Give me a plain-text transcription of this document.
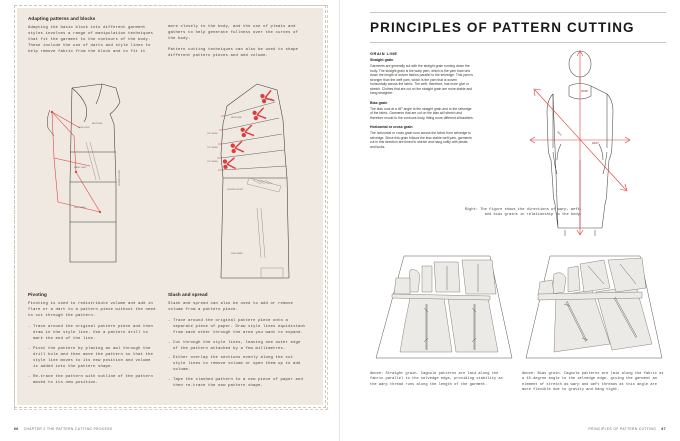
Adapting patterns and blocks

Adapting the basic block into different garment styles involves a range of manipulation techniques that fit the garment to the contours of the body. These include the use of darts and style lines to help remove fabric from the block and to fit it

more closely to the body, and the use of pleats and gathers to help generate fullness over the curves of the body.

Pattern cutting techniques can also be used to shape different pattern pieces and add volume.

SHOULDER
NECKLINE
WAIST DART
SIDE SEAM
CENTRE FRONT
STYLE LINE
NECKLINE
CUT HERE
CUT HERE
CUT HERE
CENTRE FRONT
SIDE SEAM
Pivoting

Pivoting is used to redistribute volume and add in flare or a dart to a pattern piece without the need to cut through the pattern.

– Trace around the original pattern piece and then draw in the style line. Use a pattern drill to mark the end of the line.
– Pivot the pattern by placing an awl through the drill hole and then move the pattern so that the style line moves to its new position and volume is added into the pattern shape.
– Re-trace the pattern with outline of the pattern moved to its new position.
Slash and spread

Slash and spread can also be used to add or remove volume from a pattern piece.

– Trace around the original pattern piece onto a separate piece of paper. Draw style lines equidistant from each other through the area you want to expand.
– Cut through the style lines, leaving one outer edge of the pattern attached by a few millimetres.
– Either overlap the sections evenly along the cut style lines to remove volume or open them up to add volume.
– Tape the slashed pattern to a new piece of paper and then re-trace the new pattern shape.
66 CHAPTER 2 THE PATTERN CUTTING PROCESS
PRINCIPLES OF PATTERN CUTTING
GRAIN LINE
Straight grain

Garments are generally cut with the straight grain running down the body. The straight grain is the warp yarn, which is the yarn that runs down the length of woven fabrics parallel to the selvedge. This yarn is stronger than the weft yarn, which is the yarn that is woven horizontally across the fabric. The weft, therefore, has more give or stretch. Clothes that are cut on the straight grain are more stable and hang straighter.

Bias grain

The bias runs at a 45° angle to the straight grain and to the selvedge of the fabric. Garments that are cut on the bias will stretch and therefore mould to the contours body, fitting more different silhouettes.

Horizontal or cross grain

The horizontal or cross grain runs across the fabric from selvedge to selvedge. Since this grain follows the less stable weft yarn, garments cut in this direction are timed to stretch and hang softly with pleats and tucks.

WARP
WEFT
BIAS
Right: The figure shows the directions of warp, weft, and bias grains in relationship to the body.
Above: Straight grain. Cagoule patterns are laid along the fabric parallel to the selvedge edge, providing stability as the warp thread runs along the length of the garment.
Above: Bias grain. Cagoule patterns are laid along the fabric at a 45-degree angle to the selvedge edge, giving the garment an element of stretch as warp and weft threads at this angle are more flexible due to gravity and hang tight.
PRINCIPLES OF PATTERN CUTTING 67
